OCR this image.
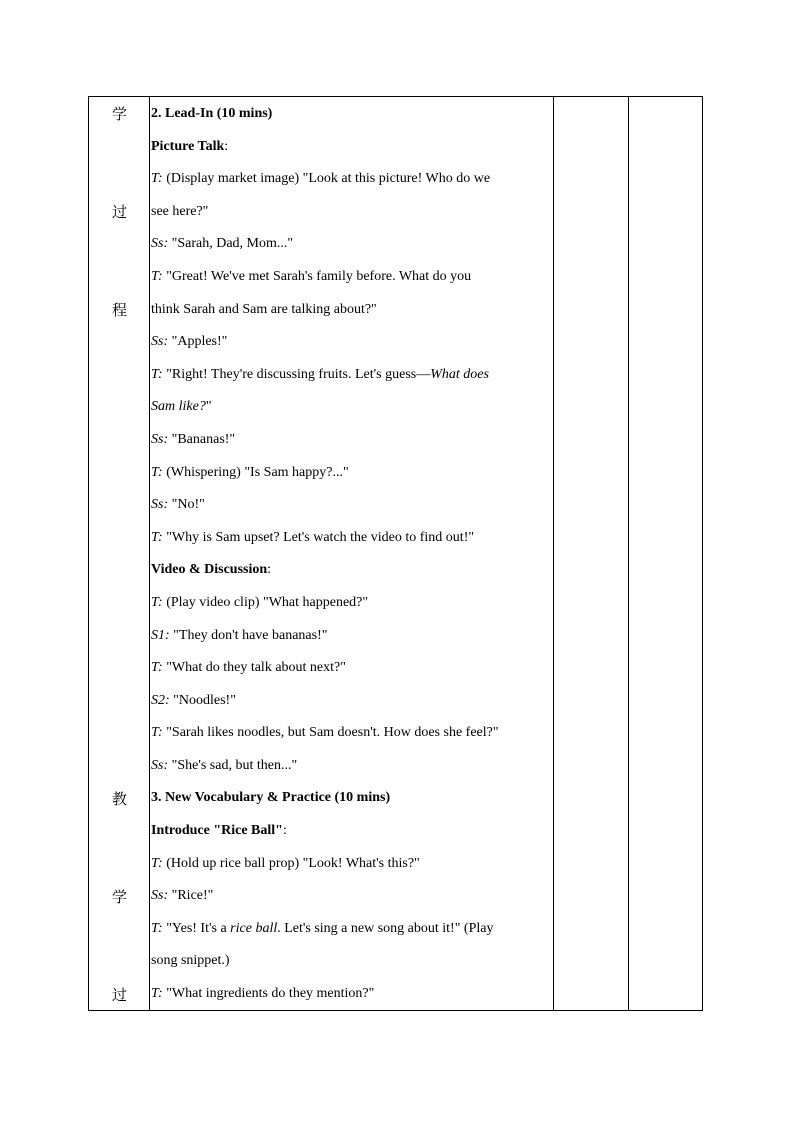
学
过
程
教
学
过
2. Lead-In (10 mins)
Picture Talk:
T: (Display market image) "Look at this picture! Who do we
see here?"
Ss: "Sarah, Dad, Mom..."
T: "Great! We've met Sarah's family before. What do you
think Sarah and Sam are talking about?"
Ss: "Apples!"
T: "Right! They're discussing fruits. Let's guess—What does
Sam like?"
Ss: "Bananas!"
T: (Whispering) "Is Sam happy?..."
Ss: "No!"
T: "Why is Sam upset? Let's watch the video to find out!"
Video & Discussion:
T: (Play video clip) "What happened?"
S1: "They don't have bananas!"
T: "What do they talk about next?"
S2: "Noodles!"
T: "Sarah likes noodles, but Sam doesn't. How does she feel?"
Ss: "She's sad, but then..."
3. New Vocabulary & Practice (10 mins)
Introduce "Rice Ball":
T: (Hold up rice ball prop) "Look! What's this?"
Ss: "Rice!"
T: "Yes! It's a rice ball. Let's sing a new song about it!" (Play
song snippet.)
T: "What ingredients do they mention?"
